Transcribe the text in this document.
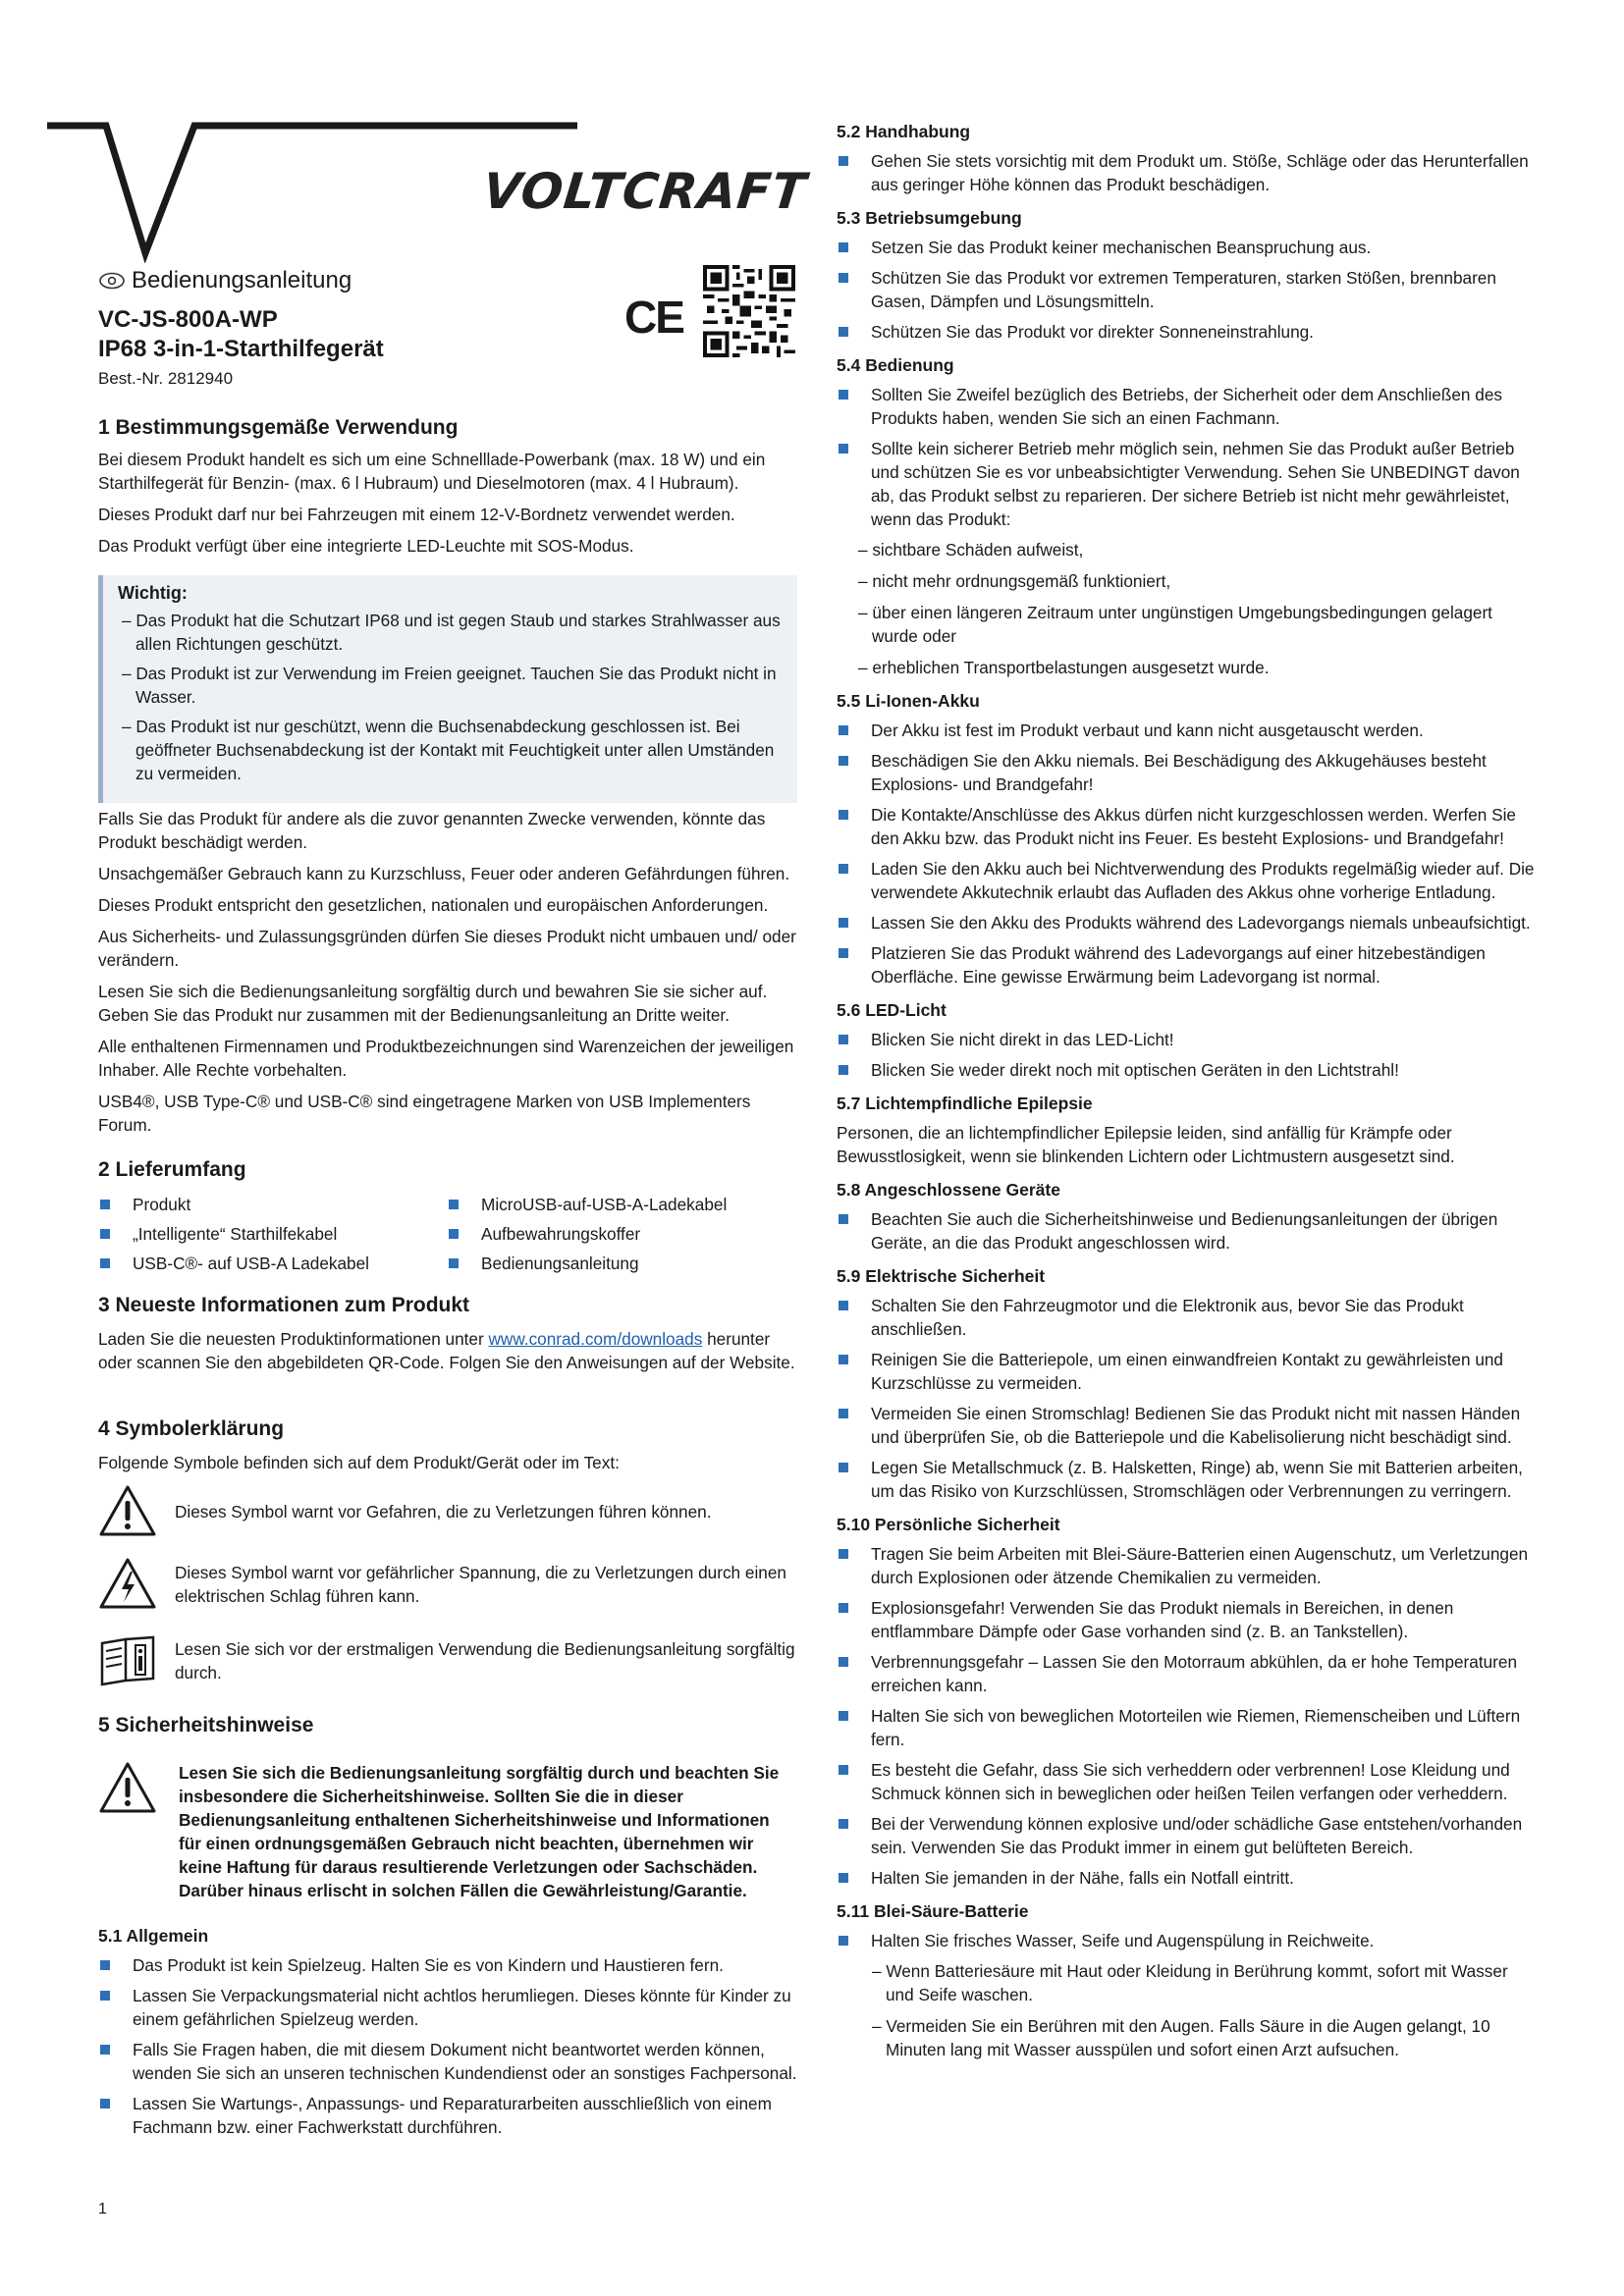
VOLTCRAFT
Bedienungsanleitung
VC-JS-800A-WP
IP68 3-in-1-Starthilfegerät
Best.-Nr. 2812940
CE
1 Bestimmungsgemäße Verwendung

Bei diesem Produkt handelt es sich um eine Schnelllade-Powerbank (max. 18 W) und ein Starthilfegerät für Benzin- (max. 6 l Hubraum) und Dieselmotoren (max. 4 l Hubraum).

Dieses Produkt darf nur bei Fahrzeugen mit einem 12-V-Bordnetz verwendet werden.

Das Produkt verfügt über eine integrierte LED-Leuchte mit SOS-Modus.

Wichtig:

– Das Produkt hat die Schutzart IP68 und ist gegen Staub und starkes Strahlwasser aus allen Richtungen geschützt.

– Das Produkt ist zur Verwendung im Freien geeignet. Tauchen Sie das Produkt nicht in Wasser.

– Das Produkt ist nur geschützt, wenn die Buchsenabdeckung geschlossen ist. Bei geöffneter Buchsenabdeckung ist der Kontakt mit Feuchtigkeit unter allen Umständen zu vermeiden.

Falls Sie das Produkt für andere als die zuvor genannten Zwecke verwenden, könnte das Produkt beschädigt werden.

Unsachgemäßer Gebrauch kann zu Kurzschluss, Feuer oder anderen Gefährdungen führen.

Dieses Produkt entspricht den gesetzlichen, nationalen und europäischen Anforderungen.

Aus Sicherheits- und Zulassungsgründen dürfen Sie dieses Produkt nicht umbauen und/ oder verändern.

Lesen Sie sich die Bedienungsanleitung sorgfältig durch und bewahren Sie sie sicher auf. Geben Sie das Produkt nur zusammen mit der Bedienungsanleitung an Dritte weiter.

Alle enthaltenen Firmennamen und Produktbezeichnungen sind Warenzeichen der jeweiligen Inhaber. Alle Rechte vorbehalten.

USB4®, USB Type-C® und USB-C® sind eingetragene Marken von USB Implementers Forum.

2 Lieferumfang
Produkt	MicroUSB-auf-USB-A-Ladekabel
„Intelligente“ Starthilfekabel	Aufbewahrungskoffer
USB-C®- auf USB-A Ladekabel	Bedienungsanleitung
3 Neueste Informationen zum Produkt

Laden Sie die neuesten Produktinformationen unter www.conrad.com/downloads herunter oder scannen Sie den abgebildeten QR-Code. Folgen Sie den Anweisungen auf der Website.

4 Symbolerklärung
Folgende Symbole befinden sich auf dem Produkt/Gerät oder im Text:
Dieses Symbol warnt vor Gefahren, die zu Verletzungen führen können.
Dieses Symbol warnt vor gefährlicher Spannung, die zu Verletzungen durch einen elektrischen Schlag führen kann.
Lesen Sie sich vor der erstmaligen Verwendung die Bedienungsanleitung sorgfältig durch.
5 Sicherheitshinweise
Lesen Sie sich die Bedienungsanleitung sorgfältig durch und beachten Sie insbesondere die Sicherheitshinweise. Sollten Sie die in dieser Bedienungsanleitung enthaltenen Sicherheitshinweise und Informationen für einen ordnungsgemäßen Gebrauch nicht beachten, übernehmen wir keine Haftung für daraus resultierende Verletzungen oder Sachschäden. Darüber hinaus erlischt in solchen Fällen die Gewährleistung/Garantie.
5.1 Allgemein
Das Produkt ist kein Spielzeug. Halten Sie es von Kindern und Haustieren fern.
Lassen Sie Verpackungsmaterial nicht achtlos herumliegen. Dieses könnte für Kinder zu einem gefährlichen Spielzeug werden.
Falls Sie Fragen haben, die mit diesem Dokument nicht beantwortet werden können, wenden Sie sich an unseren technischen Kundendienst oder an sonstiges Fachpersonal.
Lassen Sie Wartungs-, Anpassungs- und Reparaturarbeiten ausschließlich von einem Fachmann bzw. einer Fachwerkstatt durchführen.
5.2 Handhabung
Gehen Sie stets vorsichtig mit dem Produkt um. Stöße, Schläge oder das Herunterfallen aus geringer Höhe können das Produkt beschädigen.
5.3 Betriebsumgebung
Setzen Sie das Produkt keiner mechanischen Beanspruchung aus.
Schützen Sie das Produkt vor extremen Temperaturen, starken Stößen, brennbaren Gasen, Dämpfen und Lösungsmitteln.
Schützen Sie das Produkt vor direkter Sonneneinstrahlung.
5.4 Bedienung
Sollten Sie Zweifel bezüglich des Betriebs, der Sicherheit oder dem Anschließen des Produkts haben, wenden Sie sich an einen Fachmann.
Sollte kein sicherer Betrieb mehr möglich sein, nehmen Sie das Produkt außer Betrieb und schützen Sie es vor unbeabsichtigter Verwendung. Sehen Sie UNBEDINGT davon ab, das Produkt selbst zu reparieren. Der sichere Betrieb ist nicht mehr gewährleistet, wenn das Produkt:

– sichtbare Schäden aufweist,

– nicht mehr ordnungsgemäß funktioniert,

– über einen längeren Zeitraum unter ungünstigen Umgebungsbedingungen gelagert wurde oder

– erheblichen Transportbelastungen ausgesetzt wurde.

5.5 Li-Ionen-Akku
Der Akku ist fest im Produkt verbaut und kann nicht ausgetauscht werden.
Beschädigen Sie den Akku niemals. Bei Beschädigung des Akkugehäuses besteht Explosions- und Brandgefahr!
Die Kontakte/Anschlüsse des Akkus dürfen nicht kurzgeschlossen werden. Werfen Sie den Akku bzw. das Produkt nicht ins Feuer. Es besteht Explosions- und Brandgefahr!
Laden Sie den Akku auch bei Nichtverwendung des Produkts regelmäßig wieder auf. Die verwendete Akkutechnik erlaubt das Aufladen des Akkus ohne vorherige Entladung.
Lassen Sie den Akku des Produkts während des Ladevorgangs niemals unbeaufsichtigt.
Platzieren Sie das Produkt während des Ladevorgangs auf einer hitzebeständigen Oberfläche. Eine gewisse Erwärmung beim Ladevorgang ist normal.
5.6 LED-Licht
Blicken Sie nicht direkt in das LED-Licht!
Blicken Sie weder direkt noch mit optischen Geräten in den Lichtstrahl!
5.7 Lichtempfindliche Epilepsie

Personen, die an lichtempfindlicher Epilepsie leiden, sind anfällig für Krämpfe oder Bewusstlosigkeit, wenn sie blinkenden Lichtern oder Lichtmustern ausgesetzt sind.

5.8 Angeschlossene Geräte
Beachten Sie auch die Sicherheitshinweise und Bedienungsanleitungen der übrigen Geräte, an die das Produkt angeschlossen wird.
5.9 Elektrische Sicherheit
Schalten Sie den Fahrzeugmotor und die Elektronik aus, bevor Sie das Produkt anschließen.
Reinigen Sie die Batteriepole, um einen einwandfreien Kontakt zu gewährleisten und Kurzschlüsse zu vermeiden.
Vermeiden Sie einen Stromschlag! Bedienen Sie das Produkt nicht mit nassen Händen und überprüfen Sie, ob die Batteriepole und die Kabelisolierung nicht beschädigt sind.
Legen Sie Metallschmuck (z. B. Halsketten, Ringe) ab, wenn Sie mit Batterien arbeiten, um das Risiko von Kurzschlüssen, Stromschlägen oder Verbrennungen zu verringern.
5.10 Persönliche Sicherheit
Tragen Sie beim Arbeiten mit Blei-Säure-Batterien einen Augenschutz, um Verletzungen durch Explosionen oder ätzende Chemikalien zu vermeiden.
Explosionsgefahr! Verwenden Sie das Produkt niemals in Bereichen, in denen entflammbare Dämpfe oder Gase vorhanden sind (z. B. an Tankstellen).
Verbrennungsgefahr – Lassen Sie den Motorraum abkühlen, da er hohe Temperaturen erreichen kann.
Halten Sie sich von beweglichen Motorteilen wie Riemen, Riemenscheiben und Lüftern fern.
Es besteht die Gefahr, dass Sie sich verheddern oder verbrennen! Lose Kleidung und Schmuck können sich in beweglichen oder heißen Teilen verfangen oder verheddern.
Bei der Verwendung können explosive und/oder schädliche Gase entstehen/vorhanden sein. Verwenden Sie das Produkt immer in einem gut belüfteten Bereich.
Halten Sie jemanden in der Nähe, falls ein Notfall eintritt.
5.11 Blei-Säure-Batterie
Halten Sie frisches Wasser, Seife und Augenspülung in Reichweite.

– Wenn Batteriesäure mit Haut oder Kleidung in Berührung kommt, sofort mit Wasser und Seife waschen.

– Vermeiden Sie ein Berühren mit den Augen. Falls Säure in die Augen gelangt, 10 Minuten lang mit Wasser ausspülen und sofort einen Arzt aufsuchen.

1
